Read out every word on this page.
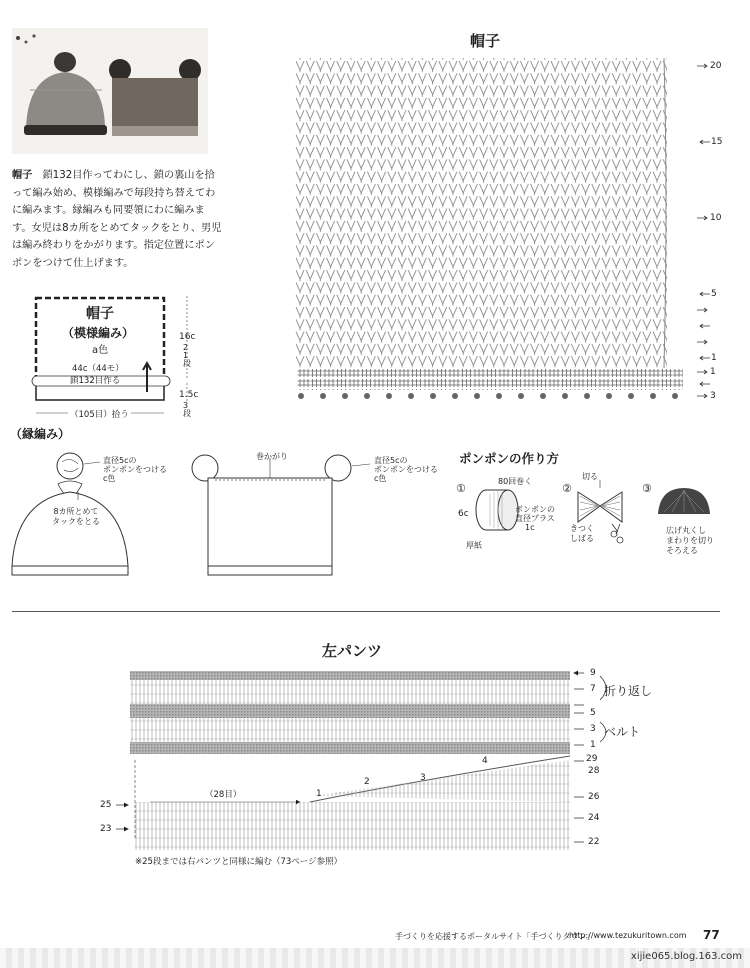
帽子　 鎖132目作ってわにし、鎖の裏山を拾って編み始め、模様編みで毎段持ち替えてわに編みます。縁編みも同要領にわに編みます。女児は8カ所をとめてタックをとり、男児は編み終わりをかがります。指定位置にポンポンをつけて仕上げます。
帽子
20
15
10
5
1
1
3
帽子
（模様編み）
a色
44c（44モ）
鎖132目作る
16c
21段
1.5c
3段
（105目）拾う
（縁編み）
直径5cの
ポンポンをつける
c色
8カ所とめて
タックをとる
巻かがり	直径5cの
ポンポンをつける
c色
ポンポンの作り方
①	②	③
80回巻く
6c	ポンポンの
直径プラス
1c
厚紙
切る
きつく
しばる
広げ丸くし
まわりを切り
そろえる
左パンツ
折り返し
ベルト
9
7
5
3
1
29
28
26
24
22
25
23
（28目）	1
2	3
4
※25段までは右パンツと同様に編む（73ページ参照）
手づくりを応援するポータルサイト「手づくりタウン」
http://www.tezukuritown.com 77
xijie065.blog.163.com
